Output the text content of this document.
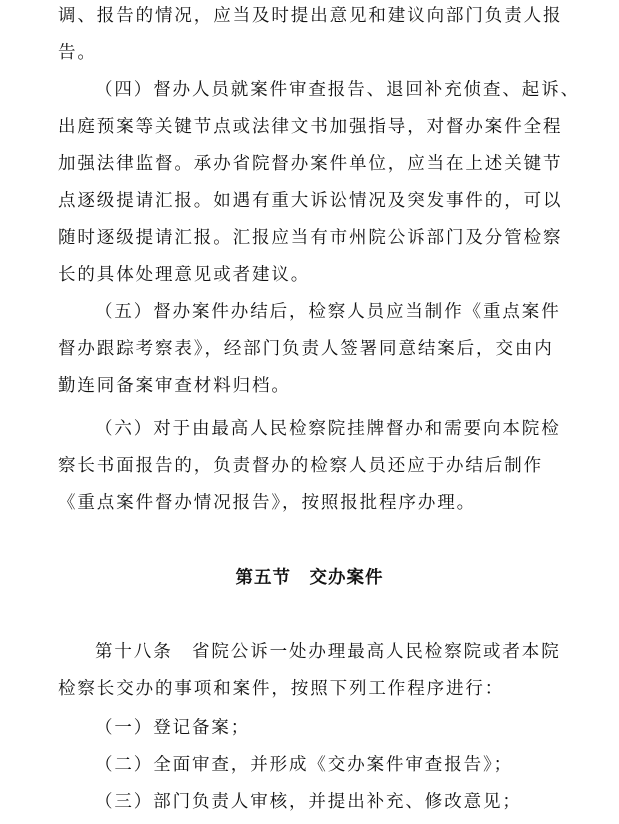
调、报告的情况，应当及时提出意见和建议向部门负责人报
告。
（四）督办人员就案件审查报告、退回补充侦查、起诉、
出庭预案等关键节点或法律文书加强指导，对督办案件全程
加强法律监督。承办省院督办案件单位，应当在上述关键节
点逐级提请汇报。如遇有重大诉讼情况及突发事件的，可以
随时逐级提请汇报。汇报应当有市州院公诉部门及分管检察
长的具体处理意见或者建议。
（五）督办案件办结后，检察人员应当制作《重点案件
督办跟踪考察表》，经部门负责人签署同意结案后，交由内
勤连同备案审查材料归档。
（六）对于由最高人民检察院挂牌督办和需要向本院检
察长书面报告的，负责督办的检察人员还应于办结后制作
《重点案件督办情况报告》，按照报批程序办理。
第五节　交办案件
第十八条　省院公诉一处办理最高人民检察院或者本院
检察长交办的事项和案件，按照下列工作程序进行：
（一）登记备案；
（二）全面审查，并形成《交办案件审查报告》；
（三）部门负责人审核，并提出补充、修改意见；
